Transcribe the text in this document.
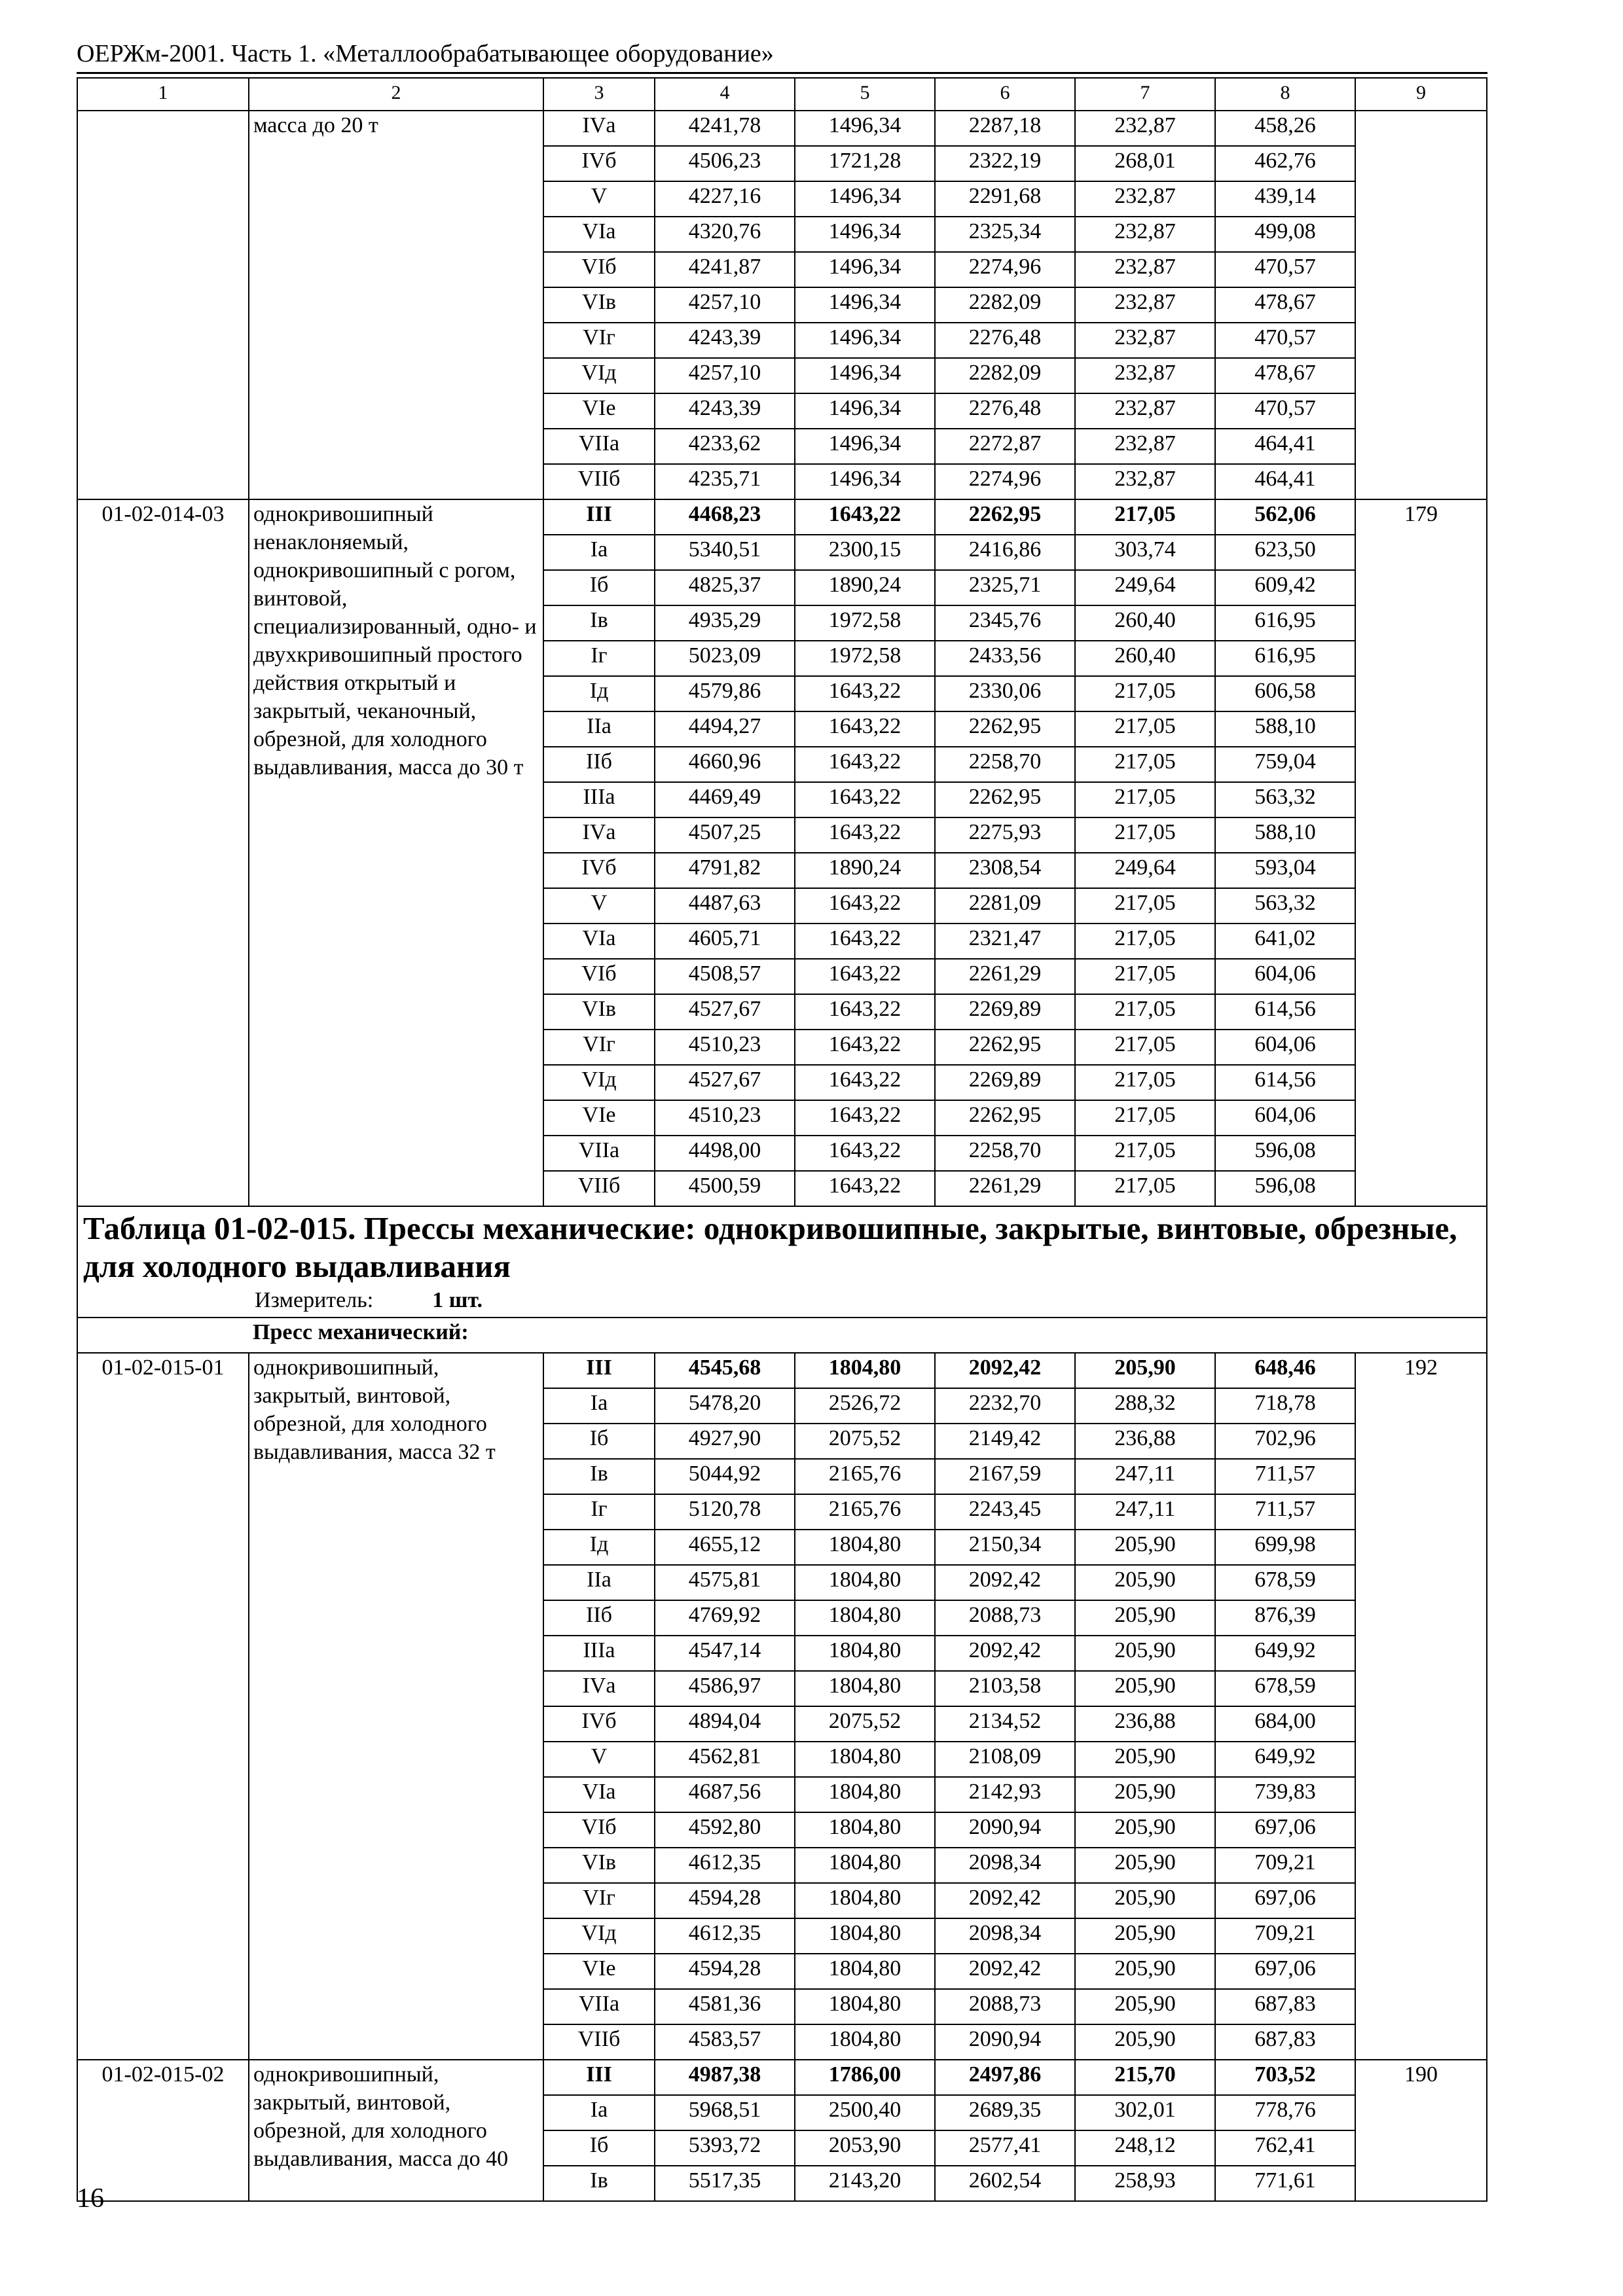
ОЕРЖм-2001. Часть 1. «Металлообрабатывающее оборудование»
1	2	3	4	5	6	7	8	9
	масса до 20 т	IVа	4241,78	1496,34	2287,18	232,87	458,26	
		IVб	4506,23	1721,28	2322,19	268,01	462,76	
		V	4227,16	1496,34	2291,68	232,87	439,14	
		VIа	4320,76	1496,34	2325,34	232,87	499,08	
		VIб	4241,87	1496,34	2274,96	232,87	470,57	
		VIв	4257,10	1496,34	2282,09	232,87	478,67	
		VIг	4243,39	1496,34	2276,48	232,87	470,57	
		VIд	4257,10	1496,34	2282,09	232,87	478,67	
		VIе	4243,39	1496,34	2276,48	232,87	470,57	
		VIIа	4233,62	1496,34	2272,87	232,87	464,41	
		VIIб	4235,71	1496,34	2274,96	232,87	464,41	
01-02-014-03	однокривошипный ненаклоняемый, однокривошипный с рогом, винтовой, специализированный, одно- и двухкривошипный простого действия открытый и закрытый, чеканочный, обрезной, для холодного выдавливания, масса до 30 т	III	4468,23	1643,22	2262,95	217,05	562,06	179
		Iа	5340,51	2300,15	2416,86	303,74	623,50	
		Iб	4825,37	1890,24	2325,71	249,64	609,42	
		Iв	4935,29	1972,58	2345,76	260,40	616,95	
		Iг	5023,09	1972,58	2433,56	260,40	616,95	
		Iд	4579,86	1643,22	2330,06	217,05	606,58	
		IIа	4494,27	1643,22	2262,95	217,05	588,10	
		IIб	4660,96	1643,22	2258,70	217,05	759,04	
		IIIа	4469,49	1643,22	2262,95	217,05	563,32	
		IVа	4507,25	1643,22	2275,93	217,05	588,10	
		IVб	4791,82	1890,24	2308,54	249,64	593,04	
		V	4487,63	1643,22	2281,09	217,05	563,32	
		VIа	4605,71	1643,22	2321,47	217,05	641,02	
		VIб	4508,57	1643,22	2261,29	217,05	604,06	
		VIв	4527,67	1643,22	2269,89	217,05	614,56	
		VIг	4510,23	1643,22	2262,95	217,05	604,06	
		VIд	4527,67	1643,22	2269,89	217,05	614,56	
		VIе	4510,23	1643,22	2262,95	217,05	604,06	
		VIIа	4498,00	1643,22	2258,70	217,05	596,08	
		VIIб	4500,59	1643,22	2261,29	217,05	596,08	

Таблица 01-02-015. Прессы механические: однокривошипные, закрытые, винтовые, обрезные, для холодного выдавливания
Измеритель: 1 шт.								

	Пресс механический:							
01-02-015-01	однокривошипный, закрытый, винтовой, обрезной, для холодного выдавливания, масса 32 т	III	4545,68	1804,80	2092,42	205,90	648,46	192
		Iа	5478,20	2526,72	2232,70	288,32	718,78	
		Iб	4927,90	2075,52	2149,42	236,88	702,96	
		Iв	5044,92	2165,76	2167,59	247,11	711,57	
		Iг	5120,78	2165,76	2243,45	247,11	711,57	
		Iд	4655,12	1804,80	2150,34	205,90	699,98	
		IIа	4575,81	1804,80	2092,42	205,90	678,59	
		IIб	4769,92	1804,80	2088,73	205,90	876,39	
		IIIа	4547,14	1804,80	2092,42	205,90	649,92	
		IVа	4586,97	1804,80	2103,58	205,90	678,59	
		IVб	4894,04	2075,52	2134,52	236,88	684,00	
		V	4562,81	1804,80	2108,09	205,90	649,92	
		VIа	4687,56	1804,80	2142,93	205,90	739,83	
		VIб	4592,80	1804,80	2090,94	205,90	697,06	
		VIв	4612,35	1804,80	2098,34	205,90	709,21	
		VIг	4594,28	1804,80	2092,42	205,90	697,06	
		VIд	4612,35	1804,80	2098,34	205,90	709,21	
		VIе	4594,28	1804,80	2092,42	205,90	697,06	
		VIIа	4581,36	1804,80	2088,73	205,90	687,83	
		VIIб	4583,57	1804,80	2090,94	205,90	687,83	
01-02-015-02	однокривошипный, закрытый, винтовой, обрезной, для холодного выдавливания, масса до 40	III	4987,38	1786,00	2497,86	215,70	703,52	190
		Iа	5968,51	2500,40	2689,35	302,01	778,76	
		Iб	5393,72	2053,90	2577,41	248,12	762,41	
		Iв	5517,35	2143,20	2602,54	258,93	771,61	
16
